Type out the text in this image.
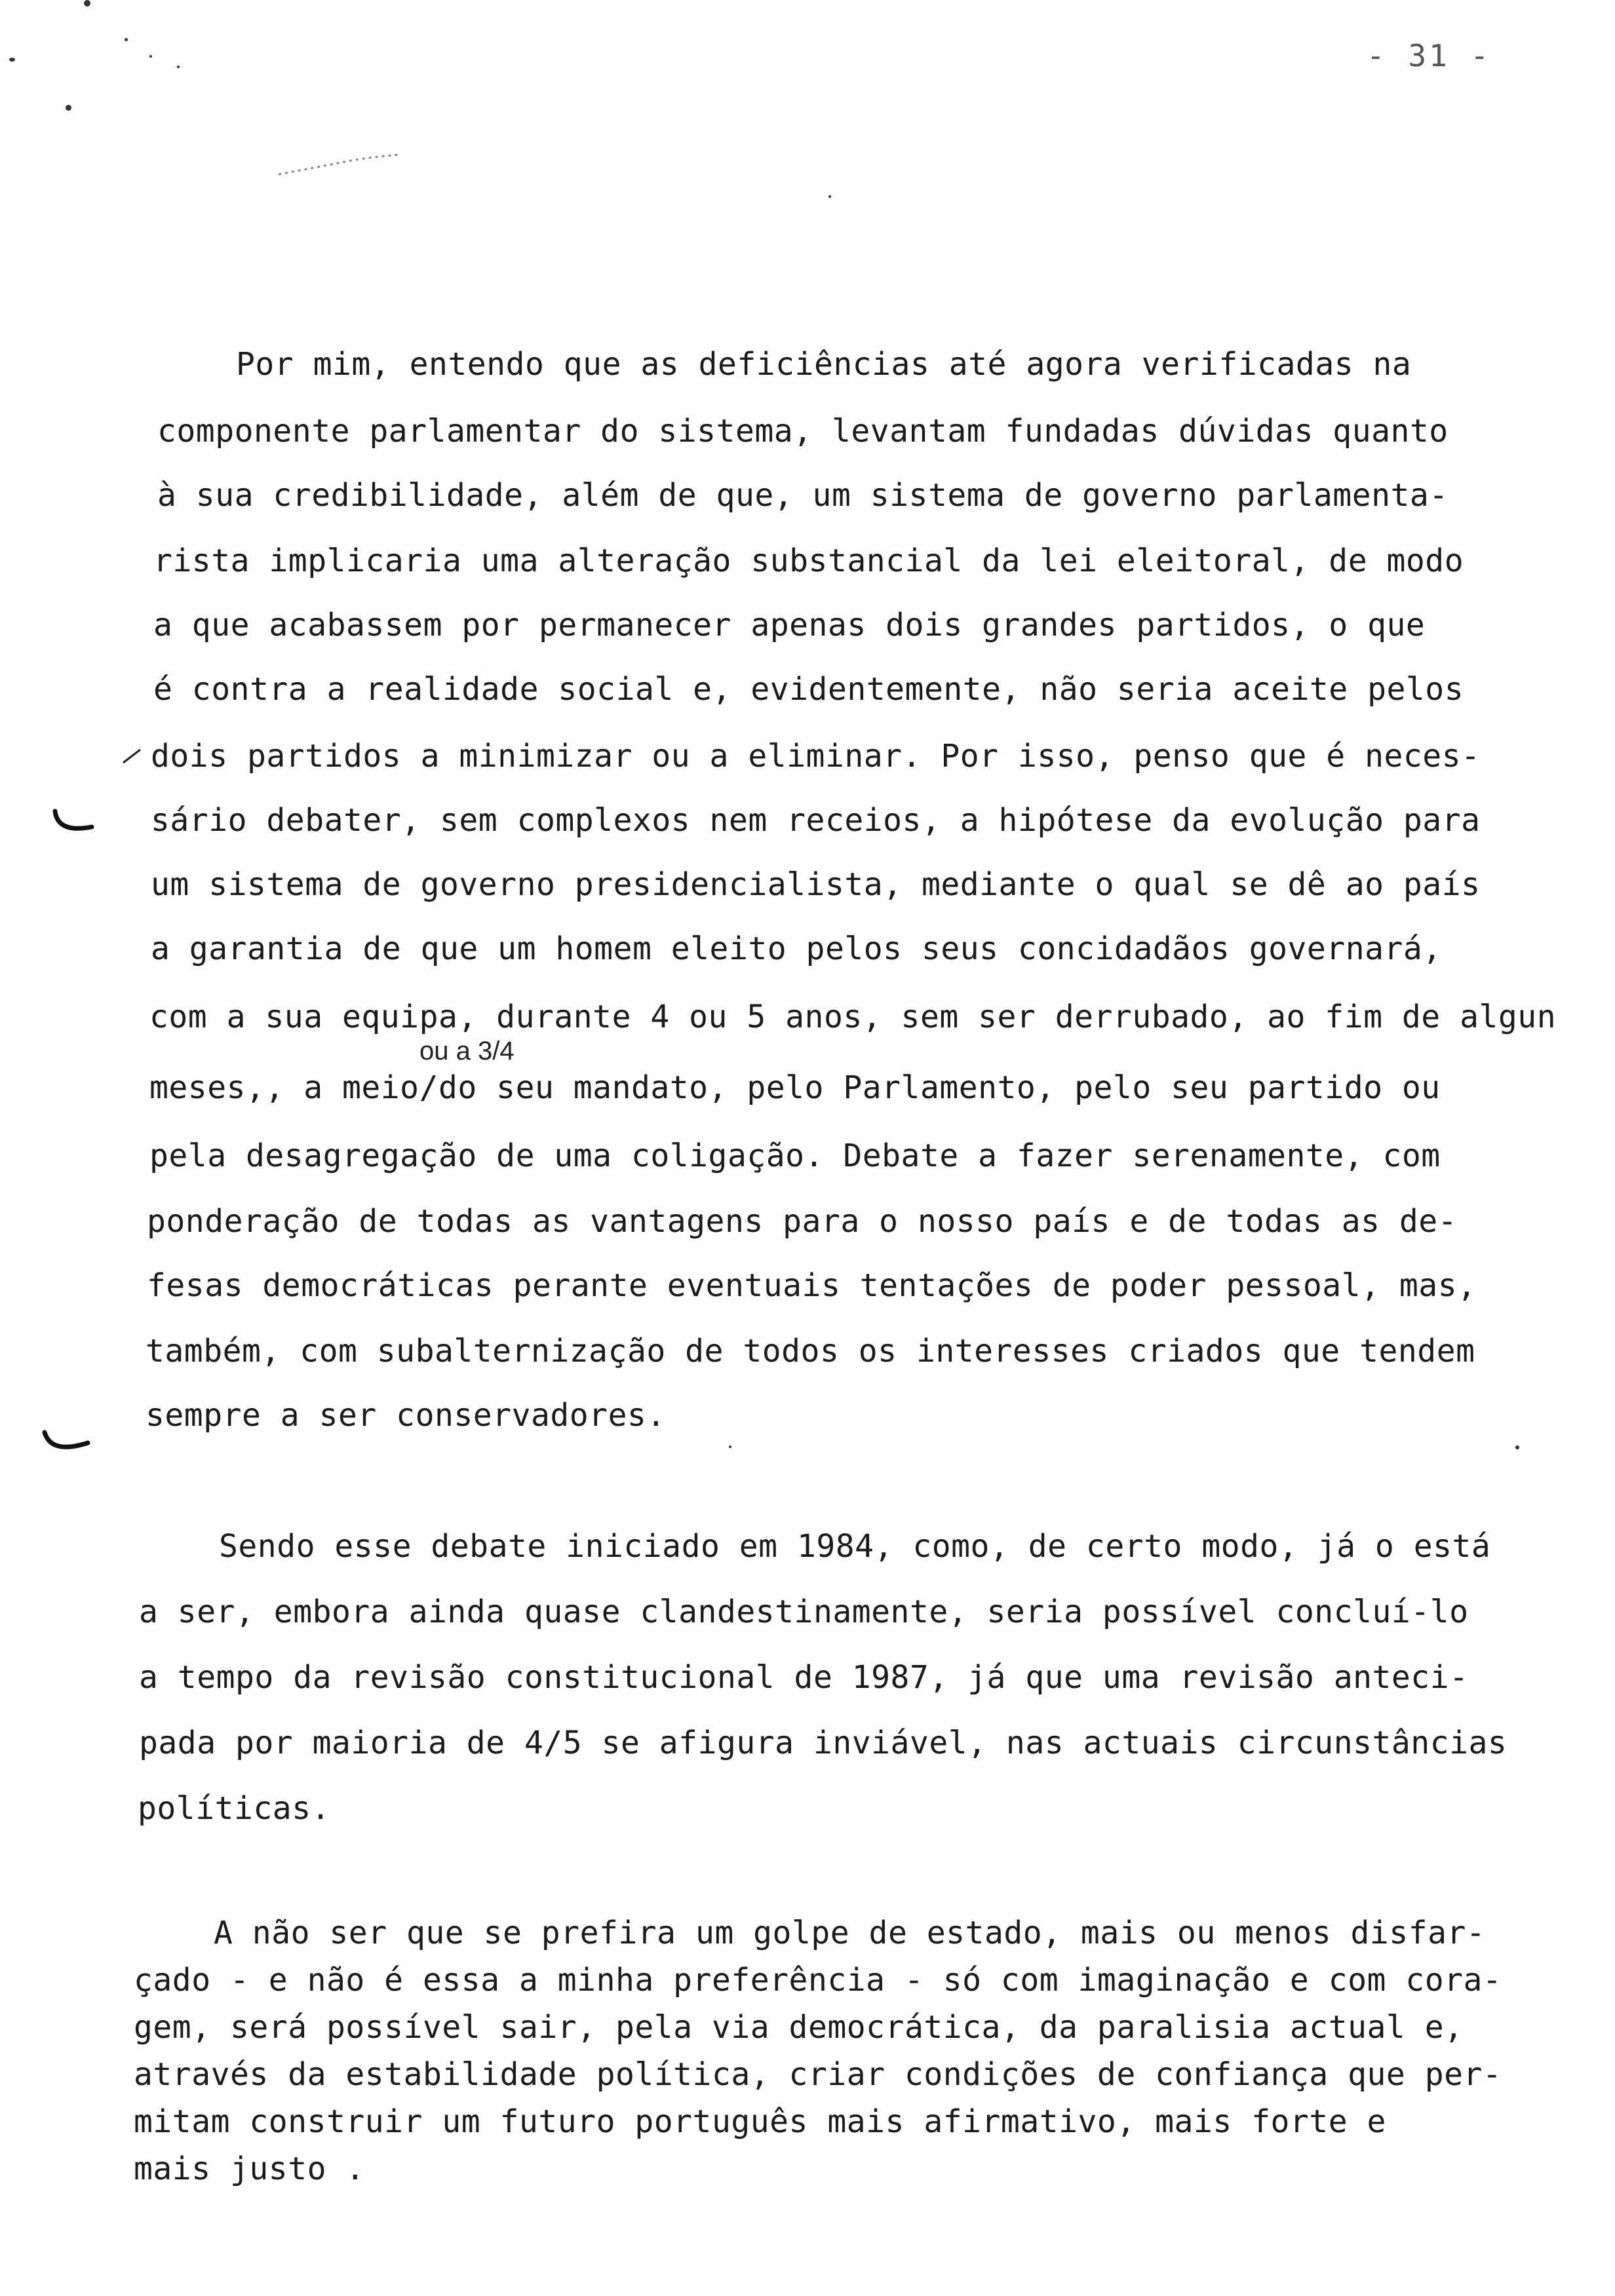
- 31 -
Por mim, entendo que as deficiências até agora verificadas na
componente parlamentar do sistema, levantam fundadas dúvidas quanto
à sua credibilidade, além de que, um sistema de governo parlamenta-
rista implicaria uma alteração substancial da lei eleitoral, de modo
a que acabassem por permanecer apenas dois grandes partidos, o que
é contra a realidade social e, evidentemente, não seria aceite pelos
dois partidos a minimizar ou a eliminar. Por isso, penso que é neces-
sário debater, sem complexos nem receios, a hipótese da evolução para
um sistema de governo presidencialista, mediante o qual se dê ao país
a garantia de que um homem eleito pelos seus concidadãos governará,
com a sua equipa, durante 4 ou 5 anos, sem ser derrubado, ao fim de algun
ou a 3/4
meses,, a meio/do seu mandato, pelo Parlamento, pelo seu partido ou
pela desagregação de uma coligação. Debate a fazer serenamente, com
ponderação de todas as vantagens para o nosso país e de todas as de-
fesas democráticas perante eventuais tentações de poder pessoal, mas,
também, com subalternização de todos os interesses criados que tendem
sempre a ser conservadores.
Sendo esse debate iniciado em 1984, como, de certo modo, já o está
a ser, embora ainda quase clandestinamente, seria possível concluí-lo
a tempo da revisão constitucional de 1987, já que uma revisão anteci-
pada por maioria de 4/5 se afigura inviável, nas actuais circunstâncias
políticas.
A não ser que se prefira um golpe de estado, mais ou menos disfar-
çado - e não é essa a minha preferência - só com imaginação e com cora-
gem, será possível sair, pela via democrática, da paralisia actual e,
através da estabilidade política, criar condições de confiança que per-
mitam construir um futuro português mais afirmativo, mais forte e
mais justo .
